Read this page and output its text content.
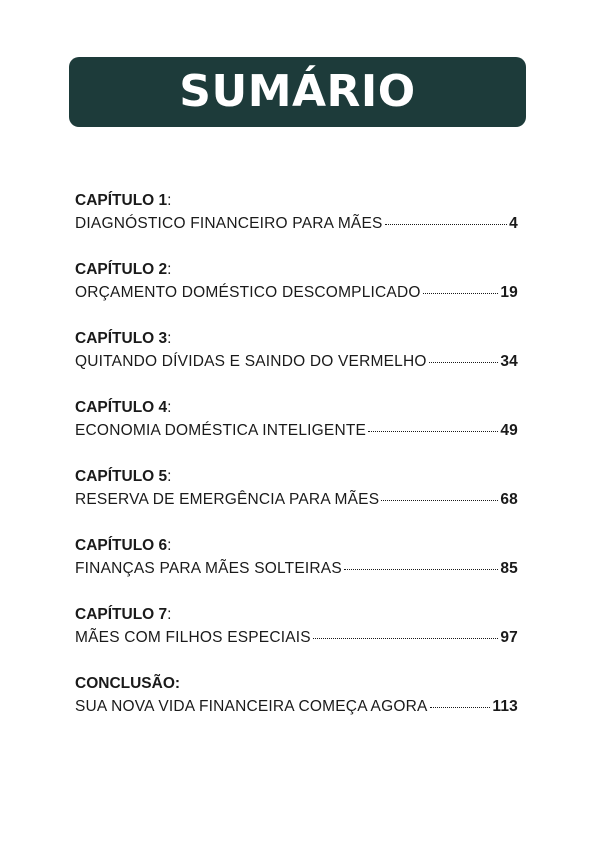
SUMÁRIO
CAPÍTULO 1:
DIAGNÓSTICO FINANCEIRO PARA MÃES	4
CAPÍTULO 2:
ORÇAMENTO DOMÉSTICO DESCOMPLICADO	19
CAPÍTULO 3:
QUITANDO DÍVIDAS E SAINDO DO VERMELHO	34
CAPÍTULO 4:
ECONOMIA DOMÉSTICA INTELIGENTE	49
CAPÍTULO 5:
RESERVA DE EMERGÊNCIA PARA MÃES	68
CAPÍTULO 6:
FINANÇAS PARA MÃES SOLTEIRAS	85
CAPÍTULO 7:
MÃES COM FILHOS ESPECIAIS	97
CONCLUSÃO:
SUA NOVA VIDA FINANCEIRA COMEÇA AGORA	113
